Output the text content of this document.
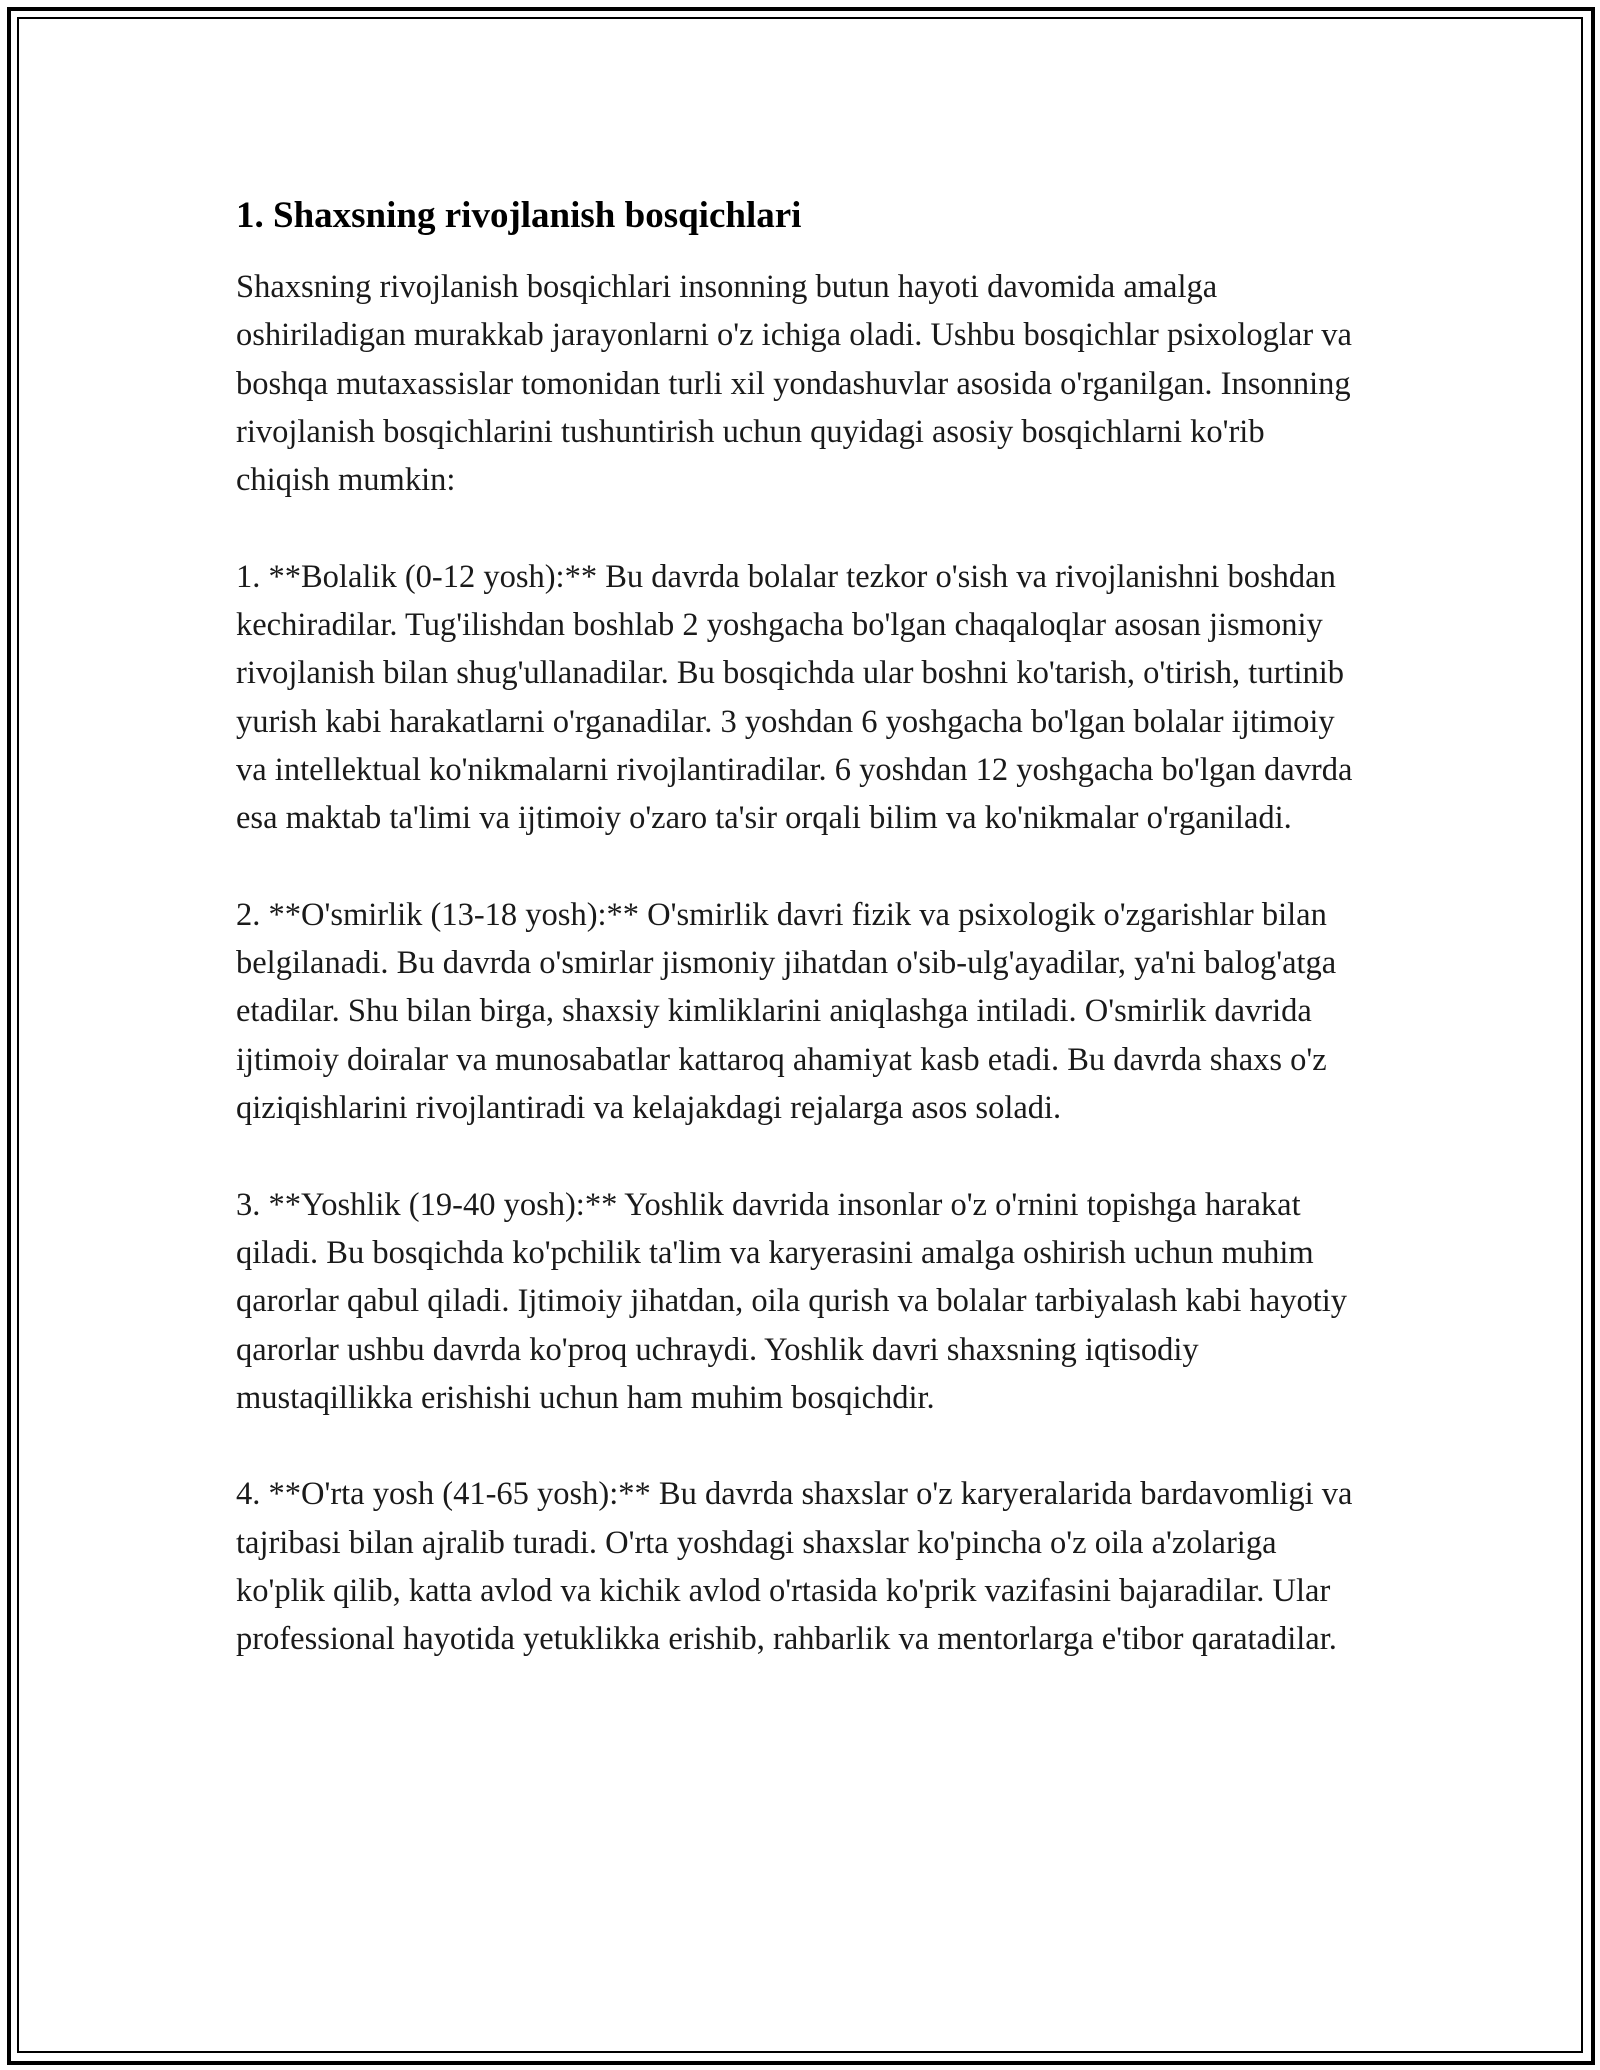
1. Shaxsning rivojlanish bosqichlari

Shaxsning rivojlanish bosqichlari insonning butun hayoti davomida amalga oshiriladigan murakkab jarayonlarni o'z ichiga oladi. Ushbu bosqichlar psixologlar va boshqa mutaxassislar tomonidan turli xil yondashuvlar asosida o'rganilgan. Insonning rivojlanish bosqichlarini tushuntirish uchun quyidagi asosiy bosqichlarni ko'rib chiqish mumkin:

1. **Bolalik (0-12 yosh):** Bu davrda bolalar tezkor o'sish va rivojlanishni boshdan kechiradilar. Tug'ilishdan boshlab 2 yoshgacha bo'lgan chaqaloqlar asosan jismoniy rivojlanish bilan shug'ullanadilar. Bu bosqichda ular boshni ko'tarish, o'tirish, turtinib yurish kabi harakatlarni o'rganadilar. 3 yoshdan 6 yoshgacha bo'lgan bolalar ijtimoiy va intellektual ko'nikmalarni rivojlantiradilar. 6 yoshdan 12 yoshgacha bo'lgan davrda esa maktab ta'limi va ijtimoiy o'zaro ta'sir orqali bilim va ko'nikmalar o'rganiladi.

2. **O'smirlik (13-18 yosh):** O'smirlik davri fizik va psixologik o'zgarishlar bilan belgilanadi. Bu davrda o'smirlar jismoniy jihatdan o'sib-ulg'ayadilar, ya'ni balog'atga etadilar. Shu bilan birga, shaxsiy kimliklarini aniqlashga intiladi. O'smirlik davrida ijtimoiy doiralar va munosabatlar kattaroq ahamiyat kasb etadi. Bu davrda shaxs o'z qiziqishlarini rivojlantiradi va kelajakdagi rejalarga asos soladi.

3. **Yoshlik (19-40 yosh):** Yoshlik davrida insonlar o'z o'rnini topishga harakat qiladi. Bu bosqichda ko'pchilik ta'lim va karyerasini amalga oshirish uchun muhim qarorlar qabul qiladi. Ijtimoiy jihatdan, oila qurish va bolalar tarbiyalash kabi hayotiy qarorlar ushbu davrda ko'proq uchraydi. Yoshlik davri shaxsning iqtisodiy mustaqillikka erishishi uchun ham muhim bosqichdir.

4. **O'rta yosh (41-65 yosh):** Bu davrda shaxslar o'z karyeralarida bardavomligi va tajribasi bilan ajralib turadi. O'rta yoshdagi shaxslar ko'pincha o'z oila a'zolariga ko'plik qilib, katta avlod va kichik avlod o'rtasida ko'prik vazifasini bajaradilar. Ular professional hayotida yetuklikka erishib, rahbarlik va mentorlarga e'tibor qaratadilar.
